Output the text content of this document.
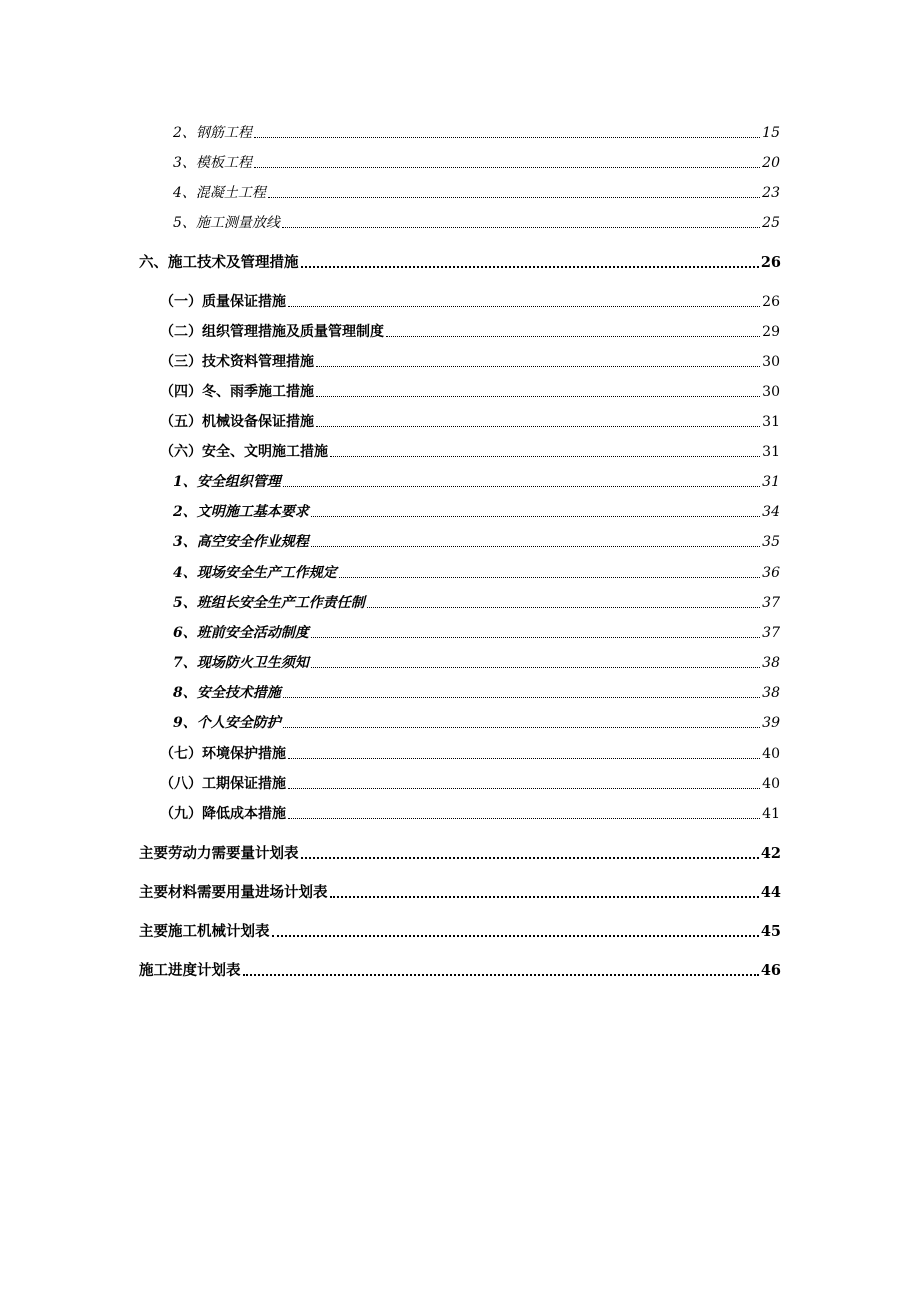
2、钢筋工程	15
3、模板工程	20
4、混凝土工程	23
5、施工测量放线	25
六、施工技术及管理措施	26
（一）质量保证措施	26
（二）组织管理措施及质量管理制度	29
（三）技术资料管理措施	30
（四）冬、雨季施工措施	30
（五）机械设备保证措施	31
（六）安全、文明施工措施	31
1、安全组织管理	31
2、文明施工基本要求	34
3、高空安全作业规程	35
4、现场安全生产工作规定	36
5、班组长安全生产工作责任制	37
6、班前安全活动制度	37
7、现场防火卫生须知	38
8、安全技术措施	38
9、个人安全防护	39
（七）环境保护措施	40
（八）工期保证措施	40
（九）降低成本措施	41
主要劳动力需要量计划表	42
主要材料需要用量进场计划表	44
主要施工机械计划表	45
施工进度计划表	46
